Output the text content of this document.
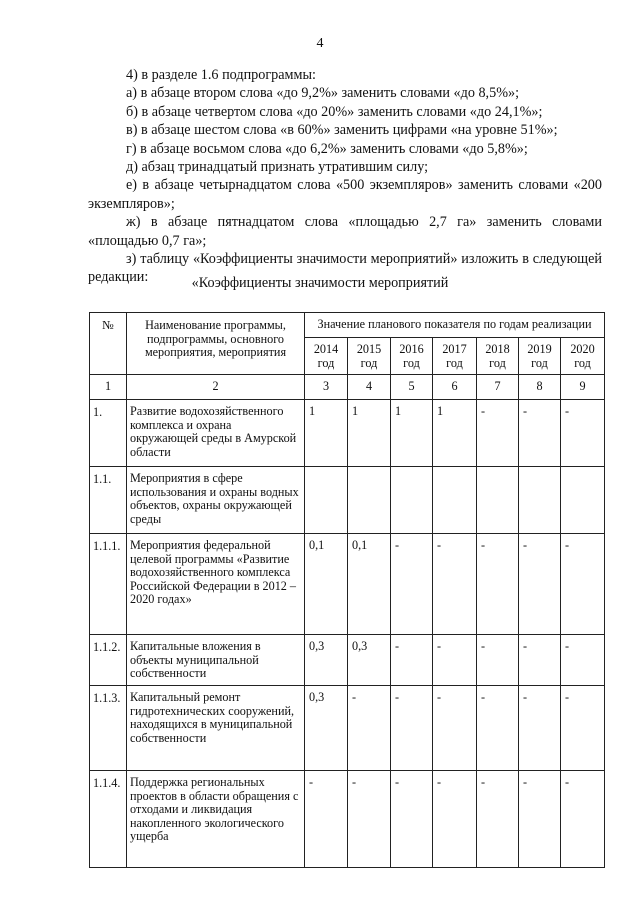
4

4) в разделе 1.6 подпрограммы:

а) в абзаце втором слова «до 9,2%» заменить словами «до 8,5%»;

б) в абзаце четвертом слова «до 20%» заменить словами «до 24,1%»;

в) в абзаце шестом слова «в 60%» заменить цифрами «на уровне 51%»;

г) в абзаце восьмом слова «до 6,2%» заменить словами «до 5,8%»;

д) абзац тринадцатый признать утратившим силу;

е) в абзаце четырнадцатом слова «500 экземпляров» заменить словами «200 экземпляров»;

ж) в абзаце пятнадцатом слова «площадью 2,7 га» заменить словами «площадью 0,7 га»;

з) таблицу «Коэффициенты значимости мероприятий» изложить в следующей редакции:	«Коэффициенты значимости мероприятий
№	Наименование программы, подпрограммы, основного мероприятия, мероприятия	Значение планового показателя по годам реализации						
		2014 год	2015 год	2016 год	2017 год	2018 год	2019 год	2020 год
1	2	3	4	5	6	7	8	9
1.	Развитие водохозяйственного комплекса и охрана окружающей среды в Амурской области	1	1	1	1	-	-	-
1.1.	Мероприятия в сфере использования и охраны водных объектов, охраны окружающей среды							
1.1.1.	Мероприятия федеральной целевой программы «Развитие водохозяйственного комплекса Российской Федерации в 2012 – 2020 годах»	0,1	0,1	-	-	-	-	-
1.1.2.	Капитальные вложения в объекты муниципальной собственности	0,3	0,3	-	-	-	-	-
1.1.3.	Капитальный ремонт гидротехнических сооружений, находящихся в муниципальной собственности	0,3	-	-	-	-	-	-
1.1.4.	Поддержка региональных проектов в области обращения с отходами и ликвидация накопленного экологического ущерба	-	-	-	-	-	-	-
